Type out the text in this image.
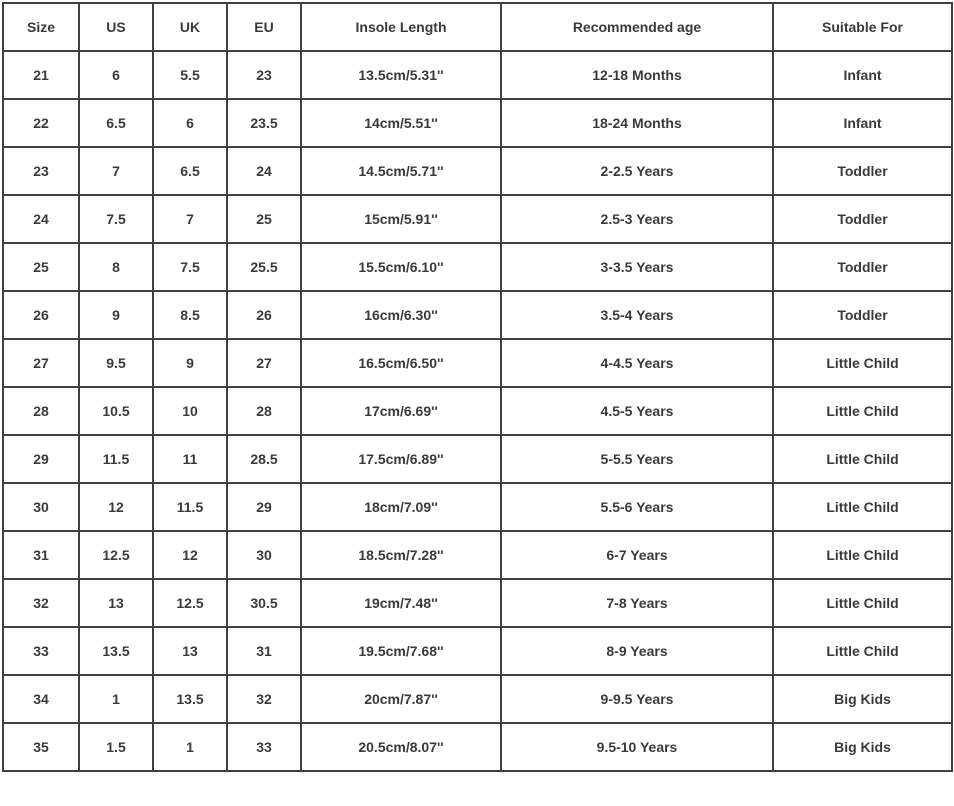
Size	US	UK	EU	Insole Length	Recommended age	Suitable For
21	6	5.5	23	13.5cm/5.31''	12-18 Months	Infant
22	6.5	6	23.5	14cm/5.51''	18-24 Months	Infant
23	7	6.5	24	14.5cm/5.71''	2-2.5 Years	Toddler
24	7.5	7	25	15cm/5.91''	2.5-3 Years	Toddler
25	8	7.5	25.5	15.5cm/6.10''	3-3.5 Years	Toddler
26	9	8.5	26	16cm/6.30''	3.5-4 Years	Toddler
27	9.5	9	27	16.5cm/6.50''	4-4.5 Years	Little Child
28	10.5	10	28	17cm/6.69''	4.5-5 Years	Little Child
29	11.5	11	28.5	17.5cm/6.89''	5-5.5 Years	Little Child
30	12	11.5	29	18cm/7.09''	5.5-6 Years	Little Child
31	12.5	12	30	18.5cm/7.28''	6-7 Years	Little Child
32	13	12.5	30.5	19cm/7.48''	7-8 Years	Little Child
33	13.5	13	31	19.5cm/7.68''	8-9 Years	Little Child
34	1	13.5	32	20cm/7.87''	9-9.5 Years	Big Kids
35	1.5	1	33	20.5cm/8.07''	9.5-10 Years	Big Kids
